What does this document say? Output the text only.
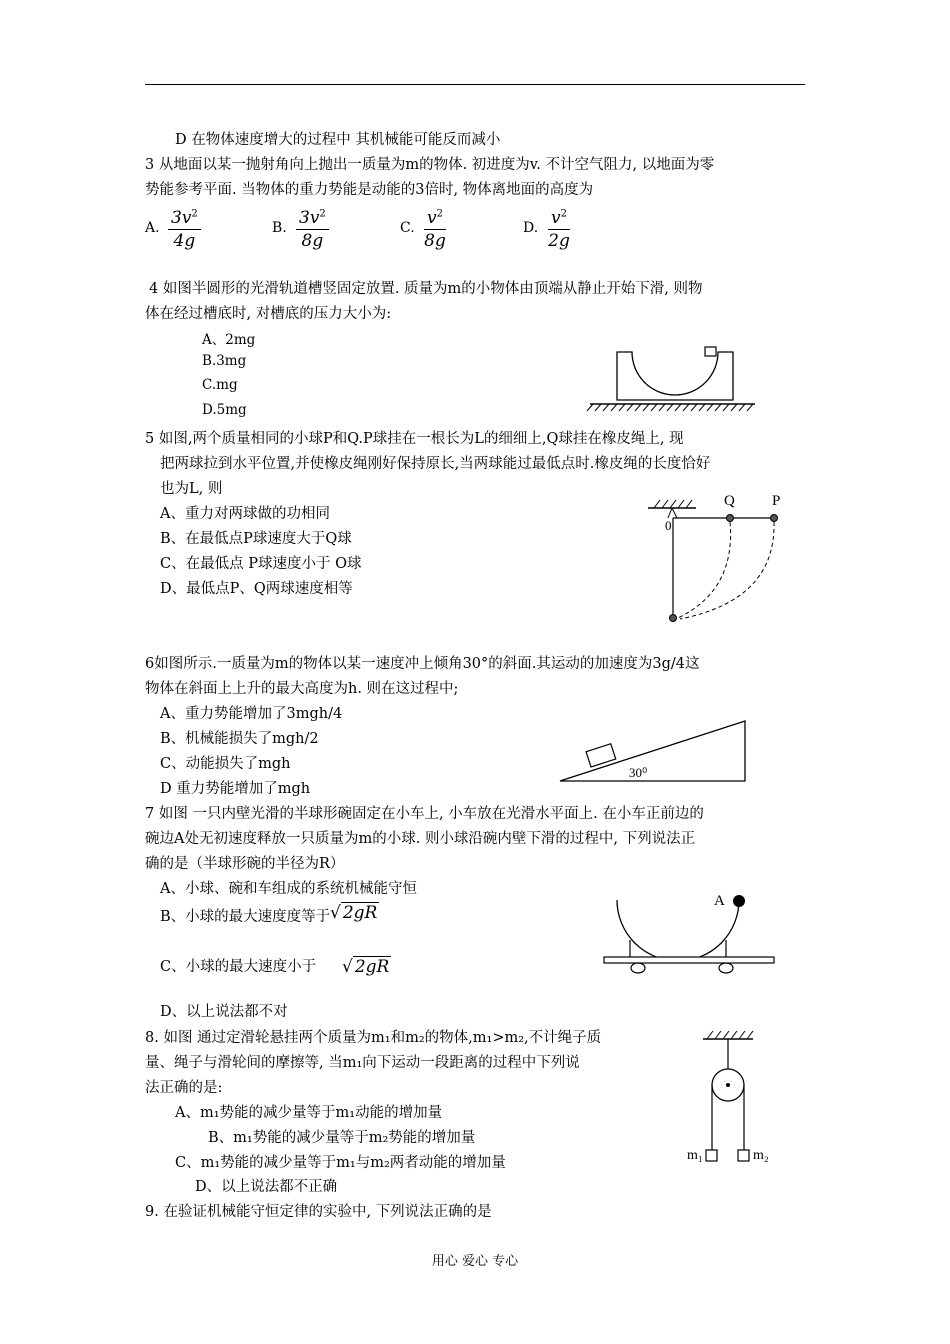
D 在物体速度增大的过程中 其机械能可能反而减小
3 从地面以某一抛射角向上抛出一质量为m的物体. 初进度为v. 不计空气阻力, 以地面为零
势能参考平面. 当物体的重力势能是动能的3倍时, 物体离地面的高度为
A. $\frac{3v^2}{4g}$	B. $\frac{3v^2}{8g}$	C. $\frac{v^2}{8g}$	D. $\frac{v^2}{2g}$
4 如图半圆形的光滑轨道槽竖固定放置. 质量为m的小物体由顶端从静止开始下滑, 则物
体在经过槽底时, 对槽底的压力大小为:
A、2mg
B.3mg
C.mg
D.5mg
5 如图,两个质量相同的小球P和Q.P球挂在一根长为L的细细上,Q球挂在橡皮绳上, 现
把两球拉到水平位置,并使橡皮绳刚好保持原长,当两球能过最低点时.橡皮绳的长度恰好
也为L, 则
A、重力对两球做的功相同
B、在最低点P球速度大于Q球
C、在最低点 P球速度小于 O球
D、最低点P、Q两球速度相等
0
Q P
6如图所示.一质量为m的物体以某一速度冲上倾角30°的斜面.其运动的加速度为3g/4这
物体在斜面上上升的最大高度为h. 则在这过程中;
A、重力势能增加了3mgh/4
B、机械能损失了mgh/2
C、动能损失了mgh
D 重力势能增加了mgh
30⁰
7 如图 一只内壁光滑的半球形碗固定在小车上, 小车放在光滑水平面上. 在小车正前边的
碗边A处无初速度释放一只质量为m的小球. 则小球沿碗内壁下滑的过程中, 下列说法正
确的是（半球形碗的半径为R）
A、小球、碗和车组成的系统机械能守恒
B、小球的最大速度度等于 √ 2gR
C、小球的最大速度小于 √ 2gR
D、以上说法都不对
A
8. 如图 通过定滑轮悬挂两个质量为m₁和m₂的物体,m₁>m₂,不计绳子质
量、绳子与滑轮间的摩擦等, 当m₁向下运动一段距离的过程中下列说
法正确的是:
A、m₁势能的减少量等于m₁动能的增加量
B、m₁势能的减少量等于m₂势能的增加量
C、m₁势能的减少量等于m₁与m₂两者动能的增加量
D、以上说法都不正确
m₁	m₂
9. 在验证机械能守恒定律的实验中, 下列说法正确的是
用心 爱心 专心
